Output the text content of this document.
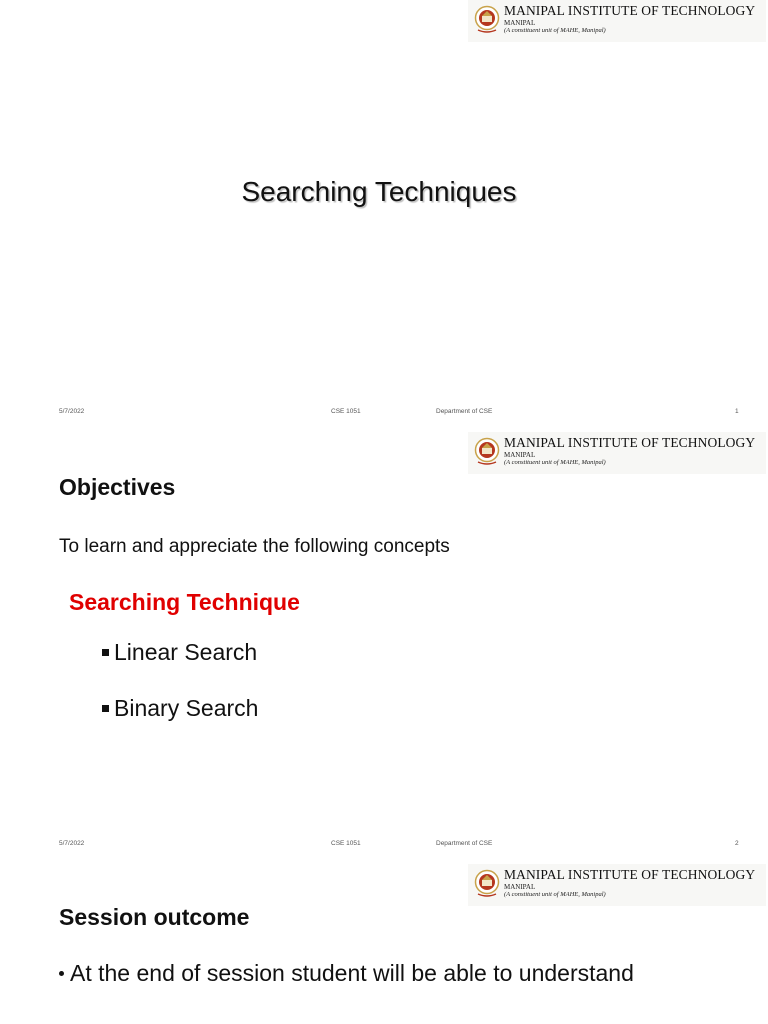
MANIPAL INSTITUTE OF TECHNOLOGY
MANIPAL
(A constituent unit of MAHE, Manipal)
Searching Techniques
5/7/2022	CSE 1051	Department of CSE	1
MANIPAL INSTITUTE OF TECHNOLOGY
MANIPAL
(A constituent unit of MAHE, Manipal)
Objectives
To learn and appreciate the following concepts
Searching Technique
Linear Search
Binary Search
5/7/2022	CSE 1051	Department of CSE	2
MANIPAL INSTITUTE OF TECHNOLOGY
MANIPAL
(A constituent unit of MAHE, Manipal)
Session outcome
At the end of session student will be able to understand
